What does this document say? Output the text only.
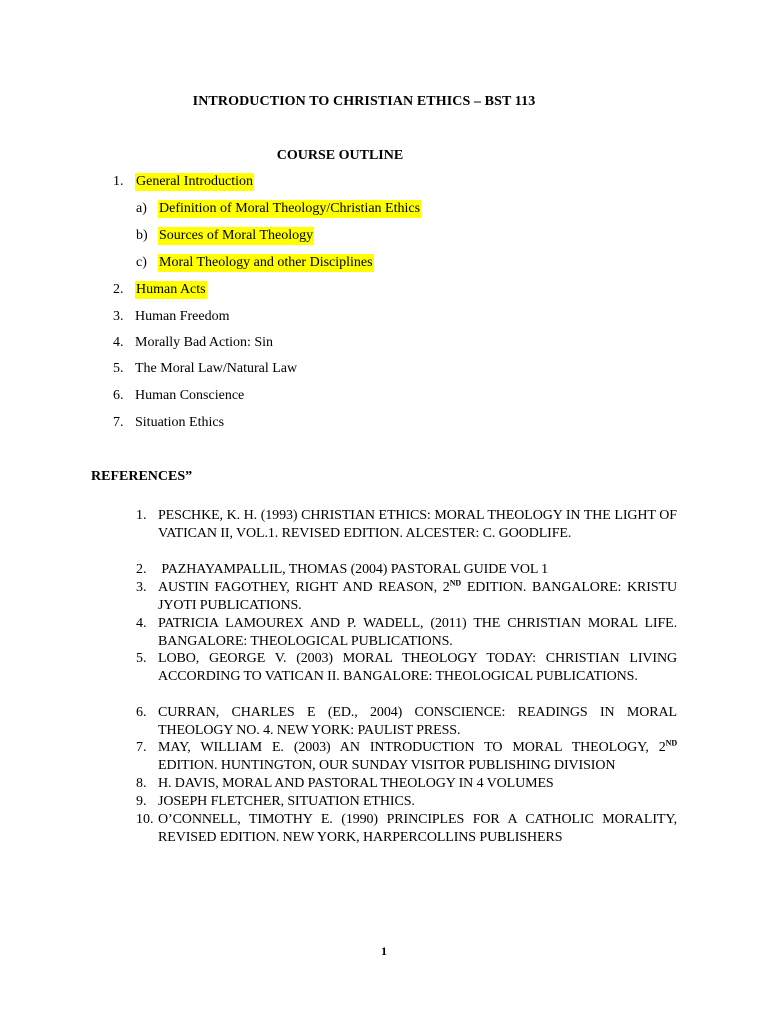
INTRODUCTION TO CHRISTIAN ETHICS – BST 113
COURSE OUTLINE
1. General Introduction
a) Definition of Moral Theology/Christian Ethics
b) Sources of Moral Theology
c) Moral Theology and other Disciplines
2. Human Acts
3. Human Freedom
4. Morally Bad Action: Sin
5. The Moral Law/Natural Law
6. Human Conscience
7. Situation Ethics
REFERENCES”
1. PESCHKE, K. H. (1993) CHRISTIAN ETHICS: MORAL THEOLOGY IN THE LIGHT OF VATICAN II, VOL.1. REVISED EDITION. ALCESTER: C. GOODLIFE.
2. PAZHAYAMPALLIL, THOMAS (2004) PASTORAL GUIDE VOL 1
3. AUSTIN FAGOTHEY, RIGHT AND REASON, 2ND EDITION. BANGALORE: KRISTU JYOTI PUBLICATIONS.
4. PATRICIA LAMOUREX AND P. WADELL, (2011) THE CHRISTIAN MORAL LIFE. BANGALORE: THEOLOGICAL PUBLICATIONS.
5. LOBO, GEORGE V. (2003) MORAL THEOLOGY TODAY: CHRISTIAN LIVING ACCORDING TO VATICAN II. BANGALORE: THEOLOGICAL PUBLICATIONS.
6. CURRAN, CHARLES E (ED., 2004) CONSCIENCE: READINGS IN MORAL THEOLOGY NO. 4. NEW YORK: PAULIST PRESS.
7. MAY, WILLIAM E. (2003) AN INTRODUCTION TO MORAL THEOLOGY, 2ND EDITION. HUNTINGTON, OUR SUNDAY VISITOR PUBLISHING DIVISION
8. H. DAVIS, MORAL AND PASTORAL THEOLOGY IN 4 VOLUMES
9. JOSEPH FLETCHER, SITUATION ETHICS.
10. O’CONNELL, TIMOTHY E. (1990) PRINCIPLES FOR A CATHOLIC MORALITY, REVISED EDITION. NEW YORK, HARPERCOLLINS PUBLISHERS
1
